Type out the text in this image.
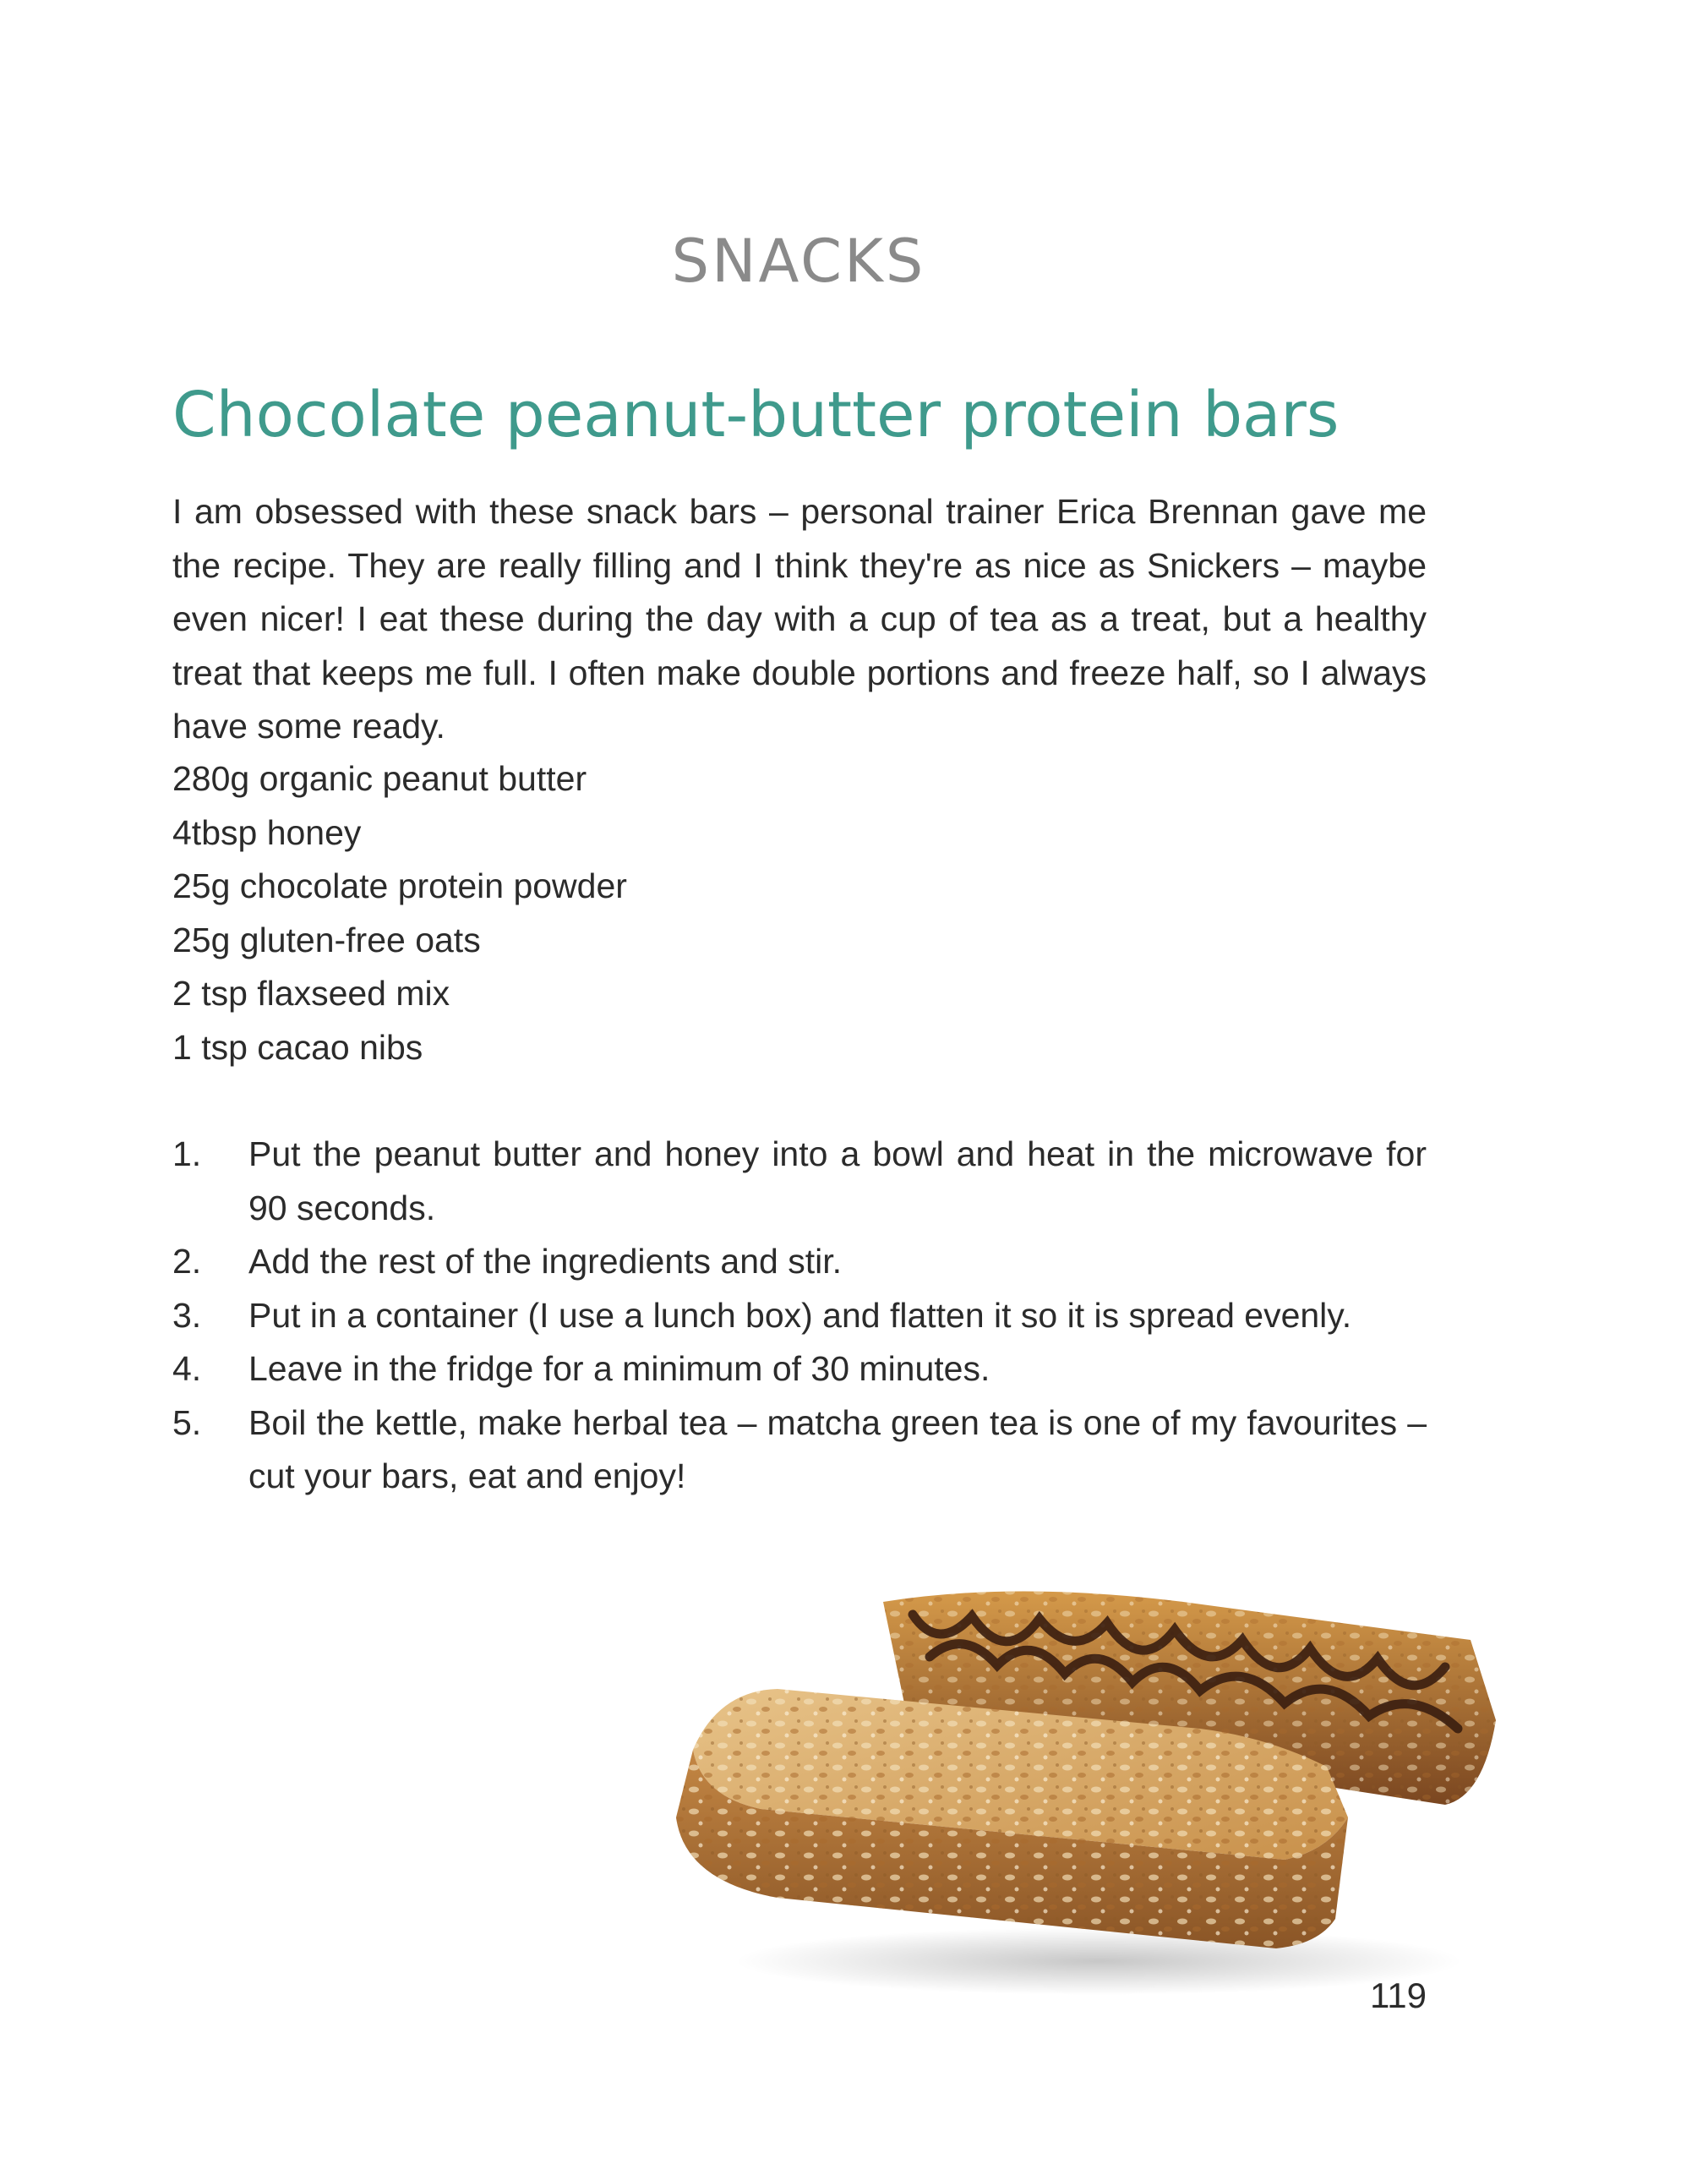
SNACKS
Chocolate peanut-butter protein bars

I am obsessed with these snack bars – personal trainer Erica Brennan gave me the recipe. They are really filling and I think they're as nice as Snickers – maybe even nicer! I eat these during the day with a cup of tea as a treat, but a healthy treat that keeps me full. I often make double portions and freeze half, so I always have some ready.

280g organic peanut butter
4tbsp honey
25g chocolate protein powder
25g gluten-free oats
2 tsp flaxseed mix
1 tsp cacao nibs
1.	Put the peanut butter and honey into a bowl and heat in the microwave for 90 seconds.
2.	Add the rest of the ingredients and stir.
3.	Put in a container (I use a lunch box) and flatten it so it is spread evenly.
4.	Leave in the fridge for a minimum of 30 minutes.
5.	Boil the kettle, make herbal tea – matcha green tea is one of my favourites – cut your bars, eat and enjoy!
119
